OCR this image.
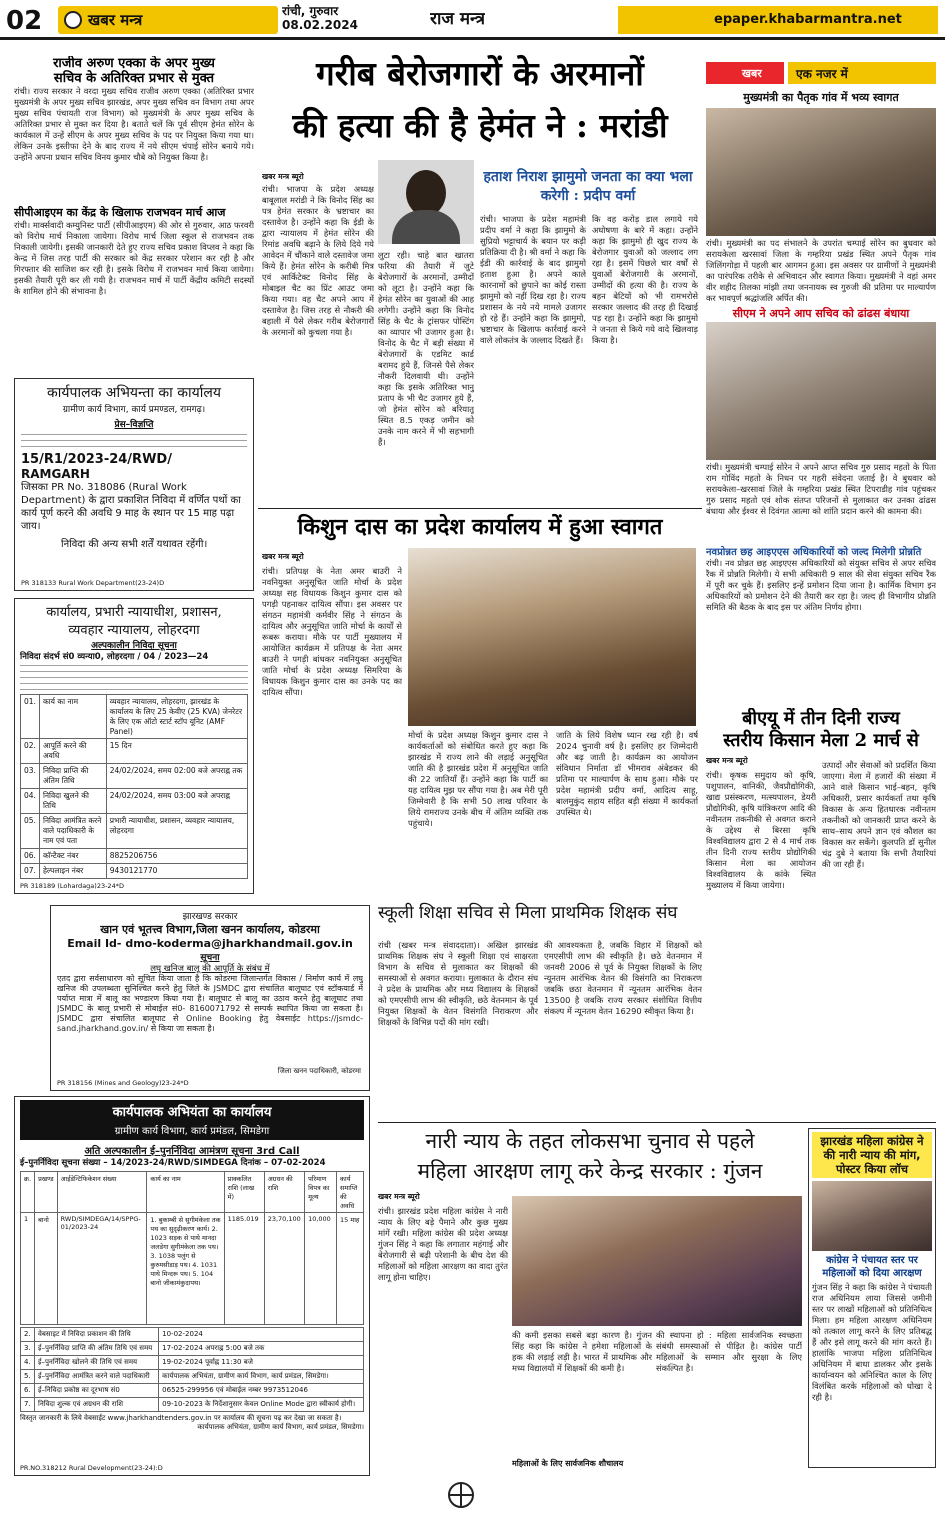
02	खबर मन्त्र	रांची, गुरुवार
08.02.2024	राज मन्त्र	epaper.khabarmantra.net
राजीव अरुण एक्का के अपर मुख्य
सचिव के अतिरिक्त प्रभार से मुक्त
रांची। राज्य सरकार ने वरदा मुख्य सचिव राजीव अरुण एक्का (अतिरिक्त प्रभार मुख्यमंत्री के अपर मुख्य सचिव झारखंड, अपर मुख्य सचिव वन विभाग तथा अपर मुख्य सचिव पंचायती राज विभाग) को मुख्यमंत्री के अपर मुख्य सचिव के अतिरिक्त प्रभार से मुक्त कर दिया है। बताते चलें कि पूर्व सीएम हेमंत सोरेन के कार्यकाल में उन्हें सीएम के अपर मुख्य सचिव के पद पर नियुक्त किया गया था। लेकिन उनके इस्तीफा देने के बाद राज्य में नये सीएम चंपाई सोरेन बनाये गये। उन्होंने अपना प्रधान सचिव विनय कुमार चौबे को नियुक्त किया है।
सीपीआइएम का केंद्र के खिलाफ राजभवन मार्च आज
रांची। मार्क्सवादी कम्युनिस्ट पार्टी (सीपीआइएम) की ओर से गुरुवार, आठ फरवरी को विरोध मार्च निकाला जायेगा। विरोध मार्च जिला स्कूल से राजभवन तक निकाली जायेगी। इसकी जानकारी देते हुए राज्य सचिव प्रकाश विप्लव ने कहा कि केन्द्र में जिस तरह पार्टी की सरकार को केंद्र सरकार परेशान कर रही है और गिरफ्तार की साजिश कर रही है। इसके विरोध में राजभवन मार्च किया जायेगा। इसकी तैयारी पूरी कर ली गयी है। राजभवन मार्च में पार्टी केंद्रीय कमिटी सदस्यों के शामिल होने की संभावना है।
कार्यपालक अभियन्ता का कार्यालय
ग्रामीण कार्य विभाग, कार्य प्रमण्डल, रामगढ़।
प्रेस–विज्ञप्ति
15/R1/2023-24/RWD/
RAMGARH
जिसका PR No. 318086 (Rural Work Department) के द्वारा प्रकाशित निविदा में वर्णित पथों का कार्य पूर्ण करने की अवधि 9 माह के स्थान पर 15 माह पढ़ा जाय।
निविदा की अन्य सभी शर्तें यथावत रहेंगी।
PR 318133 Rural Work Department(23-24)D
कार्यालय, प्रभारी न्यायाधीश, प्रशासन,
व्यवहार न्यायालय, लोहरदगा
अल्पकालीन निविदा सूचना
निविदा संदर्भ सं0 व्यन्या0, लोहरदगा / 04 / 2023—24
01.	कार्य का नाम	व्यवहार न्यायालय, लोहरदगा, झारखंड के कार्यालय के लिए 25 केवीए (25 KVA) जेनरेटर के लिए एक ऑटो स्टार्ट स्टॉप यूनिट (AMF Panel)
02.	आपूर्ति करने की अवधि	15 दिन
03.	निविदा प्राप्ति की अंतिम तिथि	24/02/2024, समय 02:00 बजे अपराह्न तक
04.	निविदा खुलने की तिथि	24/02/2024, समय 03:00 बजे अपराह्न
05.	निविदा आमंत्रित करने वाले पदाधिकारी के नाम एवं पता	प्रभारी न्यायाधीश, प्रशासन, व्यवहार न्यायालय, लोहरदगा
06.	कॉन्टैक्ट नंबर	8825206756
07.	हेल्पलाइन नंबर	9430121770
PR 318189 (Lohardaga)23-24*D
झारखण्ड सरकार
खान एवं भूतत्त्व विभाग,जिला खनन कार्यालय, कोडरमा
Email Id- dmo-koderma@jharkhandmail.gov.in
सूचना
लघु खनिज बालू की आपूर्ति के संबंध में
एतद द्वारा सर्वसाधारण को सूचित किया जाता है कि कोडरमा जिलान्तर्गत विकास / निर्माण कार्य में लघु खनिज की उपलब्धता सुनिश्चित करने हेतु जिले के JSMDC द्वारा संचालित बालूघाट एवं स्टॉकयार्ड में पर्याप्त मात्रा में बालू का भण्डारण किया गया है। बालूघाट से बालू का उठाव करने हेतु बालूघाट तथा JSMDC के बालू प्रभारी से मोबाईल सं0- 8160071792 से सम्पर्क स्थापित किया जा सकता है। JSMDC द्वारा संचालित बालूघाट से Online Booking हेतु वेबसाईट https://jsmdc-sand.jharkhand.gov.in/ से किया जा सकता है।
जिला खनन पदाधिकारी, कोडरमा
PR 318156 (Mines and Geology)23-24*D
कार्यपालक अभियंता का कार्यालय
ग्रामीण कार्य विभाग, कार्य प्रमंडल, सिमडेगा
अति अल्पकालीन ई–पुनर्निविदा आमंत्रण सूचना 3rd Call
ई–पुनर्निविदा सूचना संख्या – 14/2023-24/RWD/SIMDEGA दिनांक – 07-02-2024
क्र.	प्रखण्ड	आईडेन्टिफिकेशन संख्या	कार्य का नाम	प्राक्कलित राशि (लाख में)	अग्रधन की राशि	परिमाण विपत्र का मूल्य	कार्य समाप्ति की अवधि
1	बानो	RWD/SIMDEGA/14/SPPG-01/2023-24	1. बुकाम्बी से सुगीमंकेला तक पथ का सुदृढ़ीकरण कार्य। 2. 1023 सड़क से पाथे मानदा जलडेगा सुगीमंकेला तक पथ। 3. 1038 पलुंग से कुरुमसीडाड़ पथ। 4. 1031 पाथे मिन्दरू पथ। 5. 104 बानो जीकामंकुदापथ।	1185.019	23,70,100	10,000	15 माह
2.	वेबसाइट में निविदा प्रकाशन की तिथि	10-02-2024
3.	ई–पुनर्निविदा प्राप्ति की अंतिम तिथि एवं समय	17-02-2024 अपराह्न 5:00 बजे तक
4.	ई–पुनर्निविदा खोलने की तिथि एवं समय	19-02-2024 पूर्वाह्न 11:30 बजे
5.	ई–पुनर्निविदा आमंत्रित करने वाले पदाधिकारी	कार्यपालक अभियंता, ग्रामीण कार्य विभाग, कार्य प्रमंडल, सिमडेगा।
6.	ई–निविदा प्रकोष्ठ का दूरभाष सं0	06525-299956 एवं मोबाईल नम्बर 9973512046
7.	निविदा शुल्क एवं अग्रधन की राशि	09-10-2023 के निर्देशानुसार केवल Online Mode द्वारा स्वीकार्य होगी।
विस्तृत जानकारी के लिये वेबसाईट www.jharkhandtenders.gov.in पर कार्यालय की सूचना पढ़ कर देखा जा सकता है।
कार्यपालक अभियंता, ग्रामीण कार्य विभाग, कार्य प्रमंडल, सिमडेगा।
PR.NO.318212 Rural Development(23-24):D
गरीब बेरोजगारों के अरमानों
की हत्या की है हेमंत ने : मरांडी
खबर मन्त्र ब्यूरो	हताश निराश झामुमो जनता का क्या भला करेगी : प्रदीप वर्मा
रांची। भाजपा के प्रदेश अध्यक्ष बाबूलाल मरांडी ने कि विनोद सिंह का पत्र हेमंत सरकार के भ्रष्टाचार का दस्तावेज है। उन्होंने कहा कि ईडी के द्वारा न्यायालय में हेमंत सोरेन की रिमांड अवधि बढ़ाने के लिये दिये गये आवेदन में चौंकाने वाले दस्तावेज जमा किये हैं। हेमंत सोरेन के करीबी मित्र एवं आर्किटेक्ट विनोद सिंह के मोबाइल चैट का प्रिंट आउट जमा किया गया। वह चैट अपने आप में दस्तावेज है। जिस तरह से नौकरी की बहाली में पैसे लेकर गरीब बेरोजगारों के अरमानों को कुचला गया है।
लुटा रही। चाहे बात खातरा फरिया की तैयारी में जुटे बेरोजगारों के अरमानों, उम्मीदों को लूटा है। उन्होंने कहा कि हेमंत सोरेन का युवाओं की आह लगेगी। उन्होंने कहा कि विनोद सिंह के चैट के ट्रांसफर पोस्टिंग का व्यापार भी उजागर हुआ है। विनोद के चैट में बड़ी संख्या में बेरोजगारों के एडमिट कार्ड बरामद हुये हैं, जिनसे पैसे लेकर नौकरी दिलवायी थी। उन्होंने कहा कि इसके अतिरिक्त भानु प्रताप के भी चैट उजागर हुये हैं, जो हेमंत सोरेन को बरियातू स्थित 8.5 एकड़ जमीन को उनके नाम करने में भी सहभागी हैं।
रांची। भाजपा के प्रदेश महामंत्री प्रदीप वर्मा ने कहा कि झामुमो के सुप्रियो भट्टाचार्य के बयान पर कड़ी प्रतिक्रिया दी है। श्री वर्मा ने कहा कि ईडी की कार्रवाई के बाद झामुमो हताश हुआ है। अपने काले कारनामों को छुपाने का कोई रास्ता झामुमो को नहीं दिख रहा है। राज्य प्रशासन के नये नये मामले उजागर हो रहे हैं। उन्होंने कहा कि झामुमो, भ्रष्टाचार के खिलाफ कार्रवाई करने वाले लोकतंत्र के जल्लाद दिखते हैं।
कि वह करोड़ डाल लगाये गये अघोषणा के बारे में कहा। उन्होंने कहा कि झामुमो ही खुद राज्य के बेरोजगार युवाओं को जल्लाद लग रहा है। इसमें पिछले चार वर्षों से युवाओं बेरोजगारी के अरमानों, उम्मीदों की हत्या की है। राज्य के बहन बेटियों को भी रामभरोसे सरकार जल्लाद की तरह ही दिखाई पड़ रहा है। उन्होंने कहा कि झामुमो ने जनता से किये गये वादे खिलवाड़ किया है।
खबर	एक नजर में
मुख्यमंत्री का पैतृक गांव में भव्य स्वागत
रांची। मुख्यमंत्री का पद संभालने के उपरांत चम्पाई सोरेन का बुधवार को सरायकेला खरसावां जिला के गम्हरिया प्रखंड स्थित अपने पैतृक गांव जिलिंगगोड़ा में पहली बार आगमन हुआ। इस अवसर पर ग्रामीणों ने मुख्यमंत्री का पारंपरिक तरीके से अभिवादन और स्वागत किया। मुख्यमंत्री ने वहां अमर वीर शहीद तिलका मांझी तथा जननायक स्व गुरुजी की प्रतिमा पर माल्यार्पण कर भावपूर्ण श्रद्धांजलि अर्पित की।
सीएम ने अपने आप सचिव को ढांढस बंधाया
रांची। मुख्यमंत्री चम्पाई सोरेन ने अपने आप्त सचिव गुरु प्रसाद महतो के पिता राम गोविंद महतो के निधन पर गहरी संवेदना जताई है। वे बुधवार को सरायकेला–खरसावां जिले के गम्हरिया प्रखंड स्थित टिपराडीह गांव पहुंचकर गुरु प्रसाद महतो एवं शोक संतप्त परिजनों से मुलाकात कर उनका ढांढस बंधाया और ईश्वर से दिवंगत आत्मा को शांति प्रदान करने की कामना की।
नवप्रोन्नत छह आइएएस अधिकारियों को जल्द मिलेगी प्रोन्नति
रांची। नव प्रोन्नत छह आइएएस अधिकारियों को संयुक्त सचिव से अपर सचिव रैंक में प्रोन्नति मिलेगी। ये सभी अधिकारी 9 साल की सेवा संयुक्त सचिव रैंक में पूरी कर चुके हैं। इसलिए इन्हें प्रमोशन दिया जाना है। कार्मिक विभाग इन अधिकारियों को प्रमोशन देने की तैयारी कर रहा है। जल्द ही विभागीय प्रोन्नति समिति की बैठक के बाद इस पर अंतिम निर्णय होगा।
किशुन दास का प्रदेश कार्यालय में हुआ स्वागत
खबर मन्त्र ब्यूरो
रांची। प्रतिपक्ष के नेता अमर बाउरी ने नवनियुक्त अनुसूचित जाति मोर्चा के प्रदेश अध्यक्ष सह विधायक किशुन कुमार दास को पगड़ी पहनाकर दायित्व सौंपा। इस अवसर पर संगठन महामंत्री कर्मवीर सिंह ने संगठन के दायित्व और अनुसूचित जाति मोर्चा के कार्यों से रूबरू कराया। मौके पर पार्टी मुख्यालय में आयोजित कार्यक्रम में प्रतिपक्ष के नेता अमर बाउरी ने पगड़ी बांधकर नवनियुक्त अनुसूचित जाति मोर्चा के प्रदेश अध्यक्ष सिमरिया के विधायक किशुन कुमार दास का उनके पद का दायित्व सौंपा।
मोर्चा के प्रदेश अध्यक्ष किशुन कुमार दास ने कार्यकर्ताओं को संबोधित करते हुए कहा कि झारखंड में राज्य लाने की लड़ाई अनुसूचित जाति की है झारखंड प्रदेश में अनुसूचित जाति की 22 जातियाँ हैं। उन्होंने कहा कि पार्टी का यह दायित्व मुझ पर सौंपा गया है। अब मेरी पूरी जिम्मेवारी है कि सभी 50 लाख परिवार के लिये रामराज्य उनके बीच में अंतिम व्यक्ति तक पहुंचाये।
जाति के लिये विशेष ध्यान रख रही है। वर्ष 2024 चुनावी वर्ष है। इसलिए हर जिम्मेदारी और बढ़ जाती है। कार्यक्रम का आयोजन संविधान निर्माता डॉ भीमराव अंबेडकर की प्रतिमा पर माल्यार्पण के साथ हुआ। मौके पर प्रदेश महामंत्री प्रदीप वर्मा, आदित्य साहू, बालमुकुंद सहाय सहित बड़ी संख्या में कार्यकर्ता उपस्थित थे।
बीएयू में तीन दिनी राज्य
स्तरीय किसान मेला 2 मार्च से
खबर मन्त्र ब्यूरो
रांची। कृषक समुदाय को कृषि, पशुपालन, वानिकी, जैवप्रौद्योगिकी, खाद्य प्रसंस्करण, मत्स्यपालन, डेयरी प्रौद्योगिकी, कृषि यांत्रिकरण आदि की नवीनतम तकनीकी से अवगत कराने के उद्देश्य से बिरसा कृषि विश्वविद्यालय द्वारा 2 से 4 मार्च तक तीन दिनी राज्य स्तरीय प्रोद्योगिकी किसान मेला का आयोजन विश्वविद्यालय के कांके स्थित मुख्यालय में किया जायेगा।
उत्पादों और सेवाओं को प्रदर्शित किया जाएगा। मेला में हजारों की संख्या में आने वाले किसान भाई–बहन, कृषि अधिकारी, प्रसार कार्यकर्ता तथा कृषि विकास के अन्य हितधारक नवीनतम तकनीकों को जानकारी प्राप्त करने के साथ–साथ अपने ज्ञान एवं कौशल का विकास कर सकेंगे। कुलपति डॉ सुनील चंद्र दुबे ने बताया कि सभी तैयारियां की जा रही हैं।
स्कूली शिक्षा सचिव से मिला प्राथमिक शिक्षक संघ
रांची (खबर मन्त्र संवाददाता)। अखिल झारखंड प्राथमिक शिक्षक संघ ने स्कूली शिक्षा एवं साक्षरता विभाग के सचिव से मुलाकात कर शिक्षकों की समस्याओं से अवगत कराया। मुलाकात के दौरान संघ ने प्रदेश के प्राथमिक और मध्य विद्यालय के शिक्षकों को एमएसीपी लाभ की स्वीकृति, छठे वेतनमान के पूर्व नियुक्त शिक्षकों के वेतन विसंगति निराकरण और शिक्षकों के विभिन्न पदों की मांग रखी।
की आवश्यकता है, जबकि विहार में शिक्षकों को एमएसीपी लाभ की स्वीकृति है। छठे वेतनमान में जनवरी 2006 से पूर्व के नियुक्त शिक्षकों के लिए न्यूनतम आरंभिक वेतन की विसंगति का निराकरण जबकि छठा वेतनमान में न्यूनतम आरंभिक वेतन 13500 है जबकि राज्य सरकार संशोधित वित्तीय संकल्प में न्यूनतम वेतन 16290 स्वीकृत किया है।
नारी न्याय के तहत लोकसभा चुनाव से पहले
महिला आरक्षण लागू करे केन्द्र सरकार : गुंजन
खबर मन्त्र ब्यूरो
रांची। झारखंड प्रदेश महिला कांग्रेस ने नारी न्याय के लिए बड़े पैमाने और कुछ मुख्य मांगें रखी। महिला कांग्रेस की प्रदेश अध्यक्ष गुंजन सिंह ने कहा कि लगातार महंगाई और बेरोजगारी से बढ़ी परेशानी के बीच देश की महिलाओं को महिला आरक्षण का वादा तुरंत लागू होना चाहिए।
की कमी इसका सबसे बड़ा कारण है। गुंजन सिंह कहा कि कांग्रेस ने हमेशा महिलाओं के हक की लड़ाई लड़ी है। भारत में प्राथमिक और मध्य विद्यालयों में शिक्षकों की कमी है।
की स्थापना हो : महिला सार्वजनिक स्वच्छता संबंधी समस्याओं से पीड़ित है। कांग्रेस पार्टी महिलाओं के सम्मान और सुरक्षा के लिए संकल्पित है।
महिलाओं के लिए सार्वजनिक शौचालय
झारखंड महिला कांग्रेस ने की नारी न्याय की मांग, पोस्टर किया लॉच
कांग्रेस ने पंचायत स्तर पर महिलाओं को दिया आरक्षण
गुंजन सिंह ने कहा कि कांग्रेस ने पंचायती राज अधिनियम लाया जिससे जमीनी स्तर पर लाखों महिलाओं को प्रतिनिधित्व मिला। हम महिला आरक्षण अधिनियम को तत्काल लागू करने के लिए प्रतिबद्ध हैं और इसे लागू करने की मांग करते हैं। हालांकि भाजपा महिला प्रतिनिधित्व अधिनियम में बाधा डालकर और इसके कार्यान्वयन को अनिश्चित काल के लिए विलंबित करके महिलाओं को धोखा दे रही है।
